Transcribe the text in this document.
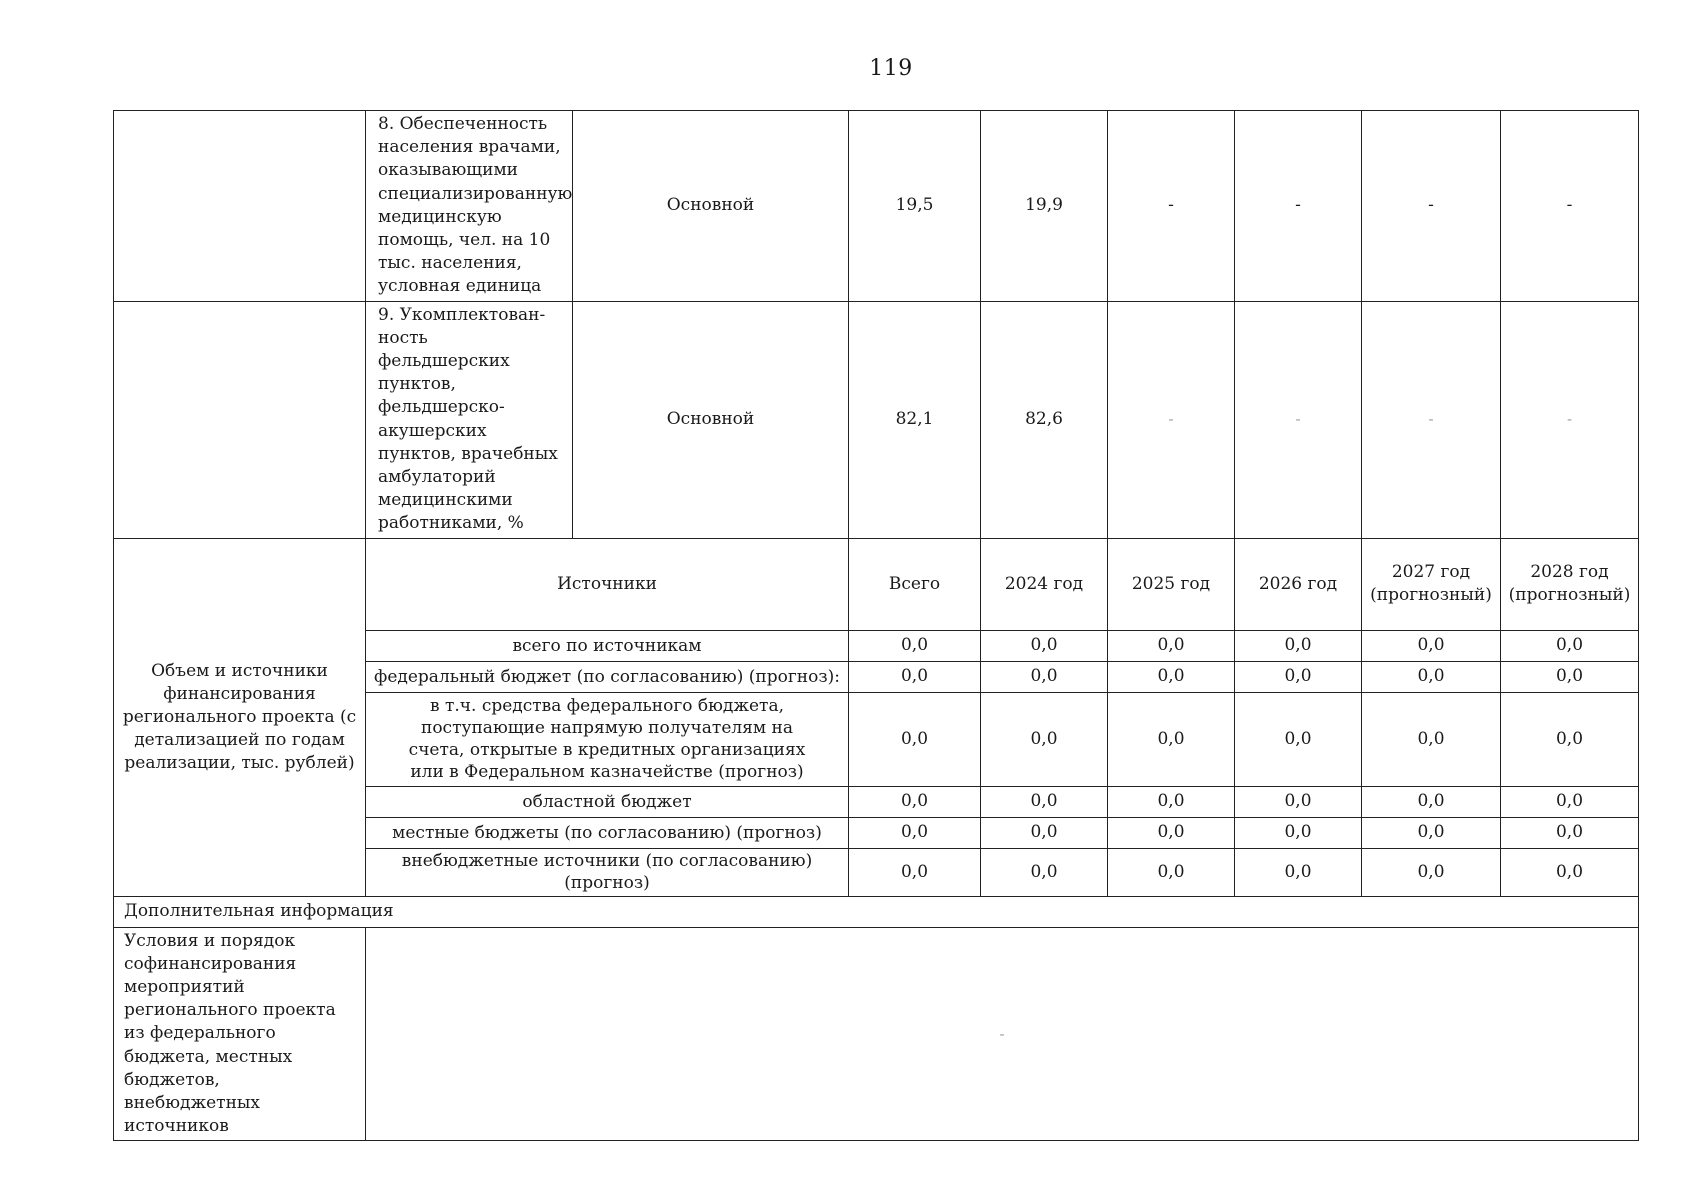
119
	8. Обеспеченность населения врачами, оказывающими специализированную медицинскую помощь, чел. на 10 тыс. населения, условная единица	Основной	19,5	19,9	-	-	-	-
	9. Укомплектован-ность фельдшерских пунктов, фельдшерско-акушерских пунктов, врачебных амбулаторий медицинскими работниками, %	Основной	82,1	82,6	-	-	-	-
Объем и источники финансирования регионального проекта (с детализацией по годам реализации, тыс. рублей)	Источники		Всего	2024 год	2025 год	2026 год	2027 год (прогнозный)	2028 год (прогнозный)
	всего по источникам		0,0	0,0	0,0	0,0	0,0	0,0
	федеральный бюджет (по согласованию) (прогноз):		0,0	0,0	0,0	0,0	0,0	0,0
	в т.ч. средства федерального бюджета, поступающие напрямую получателям на счета, открытые в кредитных организациях или в Федеральном казначействе (прогноз)		0,0	0,0	0,0	0,0	0,0	0,0
	областной бюджет		0,0	0,0	0,0	0,0	0,0	0,0
	местные бюджеты (по согласованию) (прогноз)		0,0	0,0	0,0	0,0	0,0	0,0
	внебюджетные источники (по согласованию) (прогноз)		0,0	0,0	0,0	0,0	0,0	0,0
Дополнительная информация								
Условия и порядок софинансирования мероприятий регионального проекта из федерального бюджета, местных бюджетов, внебюджетных источников	-							
